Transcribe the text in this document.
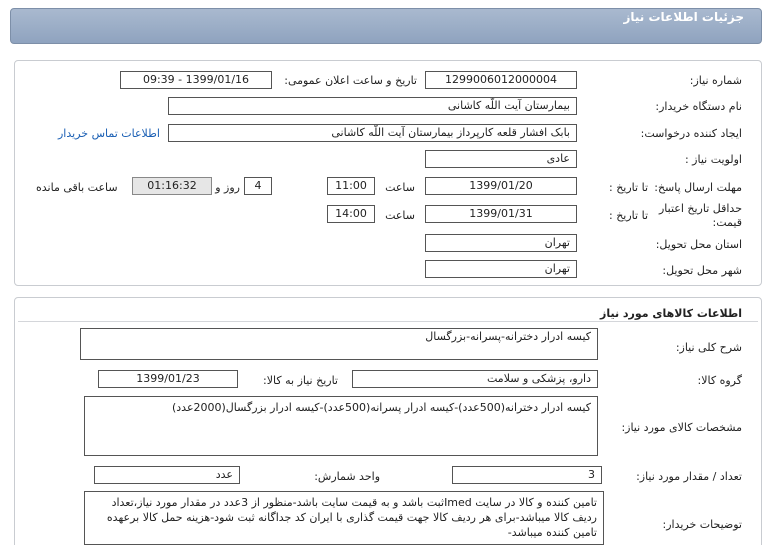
جزئیات اطلاعات نیاز
شماره نیاز:
1299006012000004
تاریخ و ساعت اعلان عمومی:
1399/01/16 - 09:39
نام دستگاه خریدار:
بیمارستان آیت اللّه کاشانی
ایجاد کننده درخواست:
بابک افشار قلعه کارپرداز بیمارستان آیت اللّه کاشانی
اطلاعات تماس خریدار
اولویت نیاز :
عادی
مهلت ارسال پاسخ:
تا تاریخ :
1399/01/20
ساعت
11:00
4
روز و
01:16:32
ساعت باقی مانده
حداقل تاریخ اعتبار
قیمت:
تا تاریخ :
1399/01/31
ساعت
14:00
استان محل تحویل:
تهران
شهر محل تحویل:
تهران
اطلاعات کالاهای مورد نیاز
شرح کلی نیاز:
کیسه ادرار دخترانه-پسرانه-بزرگسال
گروه کالا:
دارو، پزشکی و سلامت
تاریخ نیاز به کالا:
1399/01/23
مشخصات کالای مورد نیاز:
کیسه ادرار دخترانه(500عدد)-کیسه ادرار پسرانه(500عدد)-کیسه ادرار بزرگسال(2000عدد)
تعداد / مقدار مورد نیاز:
3
واحد شمارش:
عدد
توضیحات خریدار:
تامین کننده و کالا در سایت Imedثبت باشد و به قیمت سایت باشد-منظور از 3عدد در مقدار مورد نیاز،تعداد ردیف کالا میباشد-برای هر ردیف کالا جهت قیمت گذاری با ایران کد جداگانه ثبت شود-هزینه حمل کالا برعهده تامین کننده میباشد-
